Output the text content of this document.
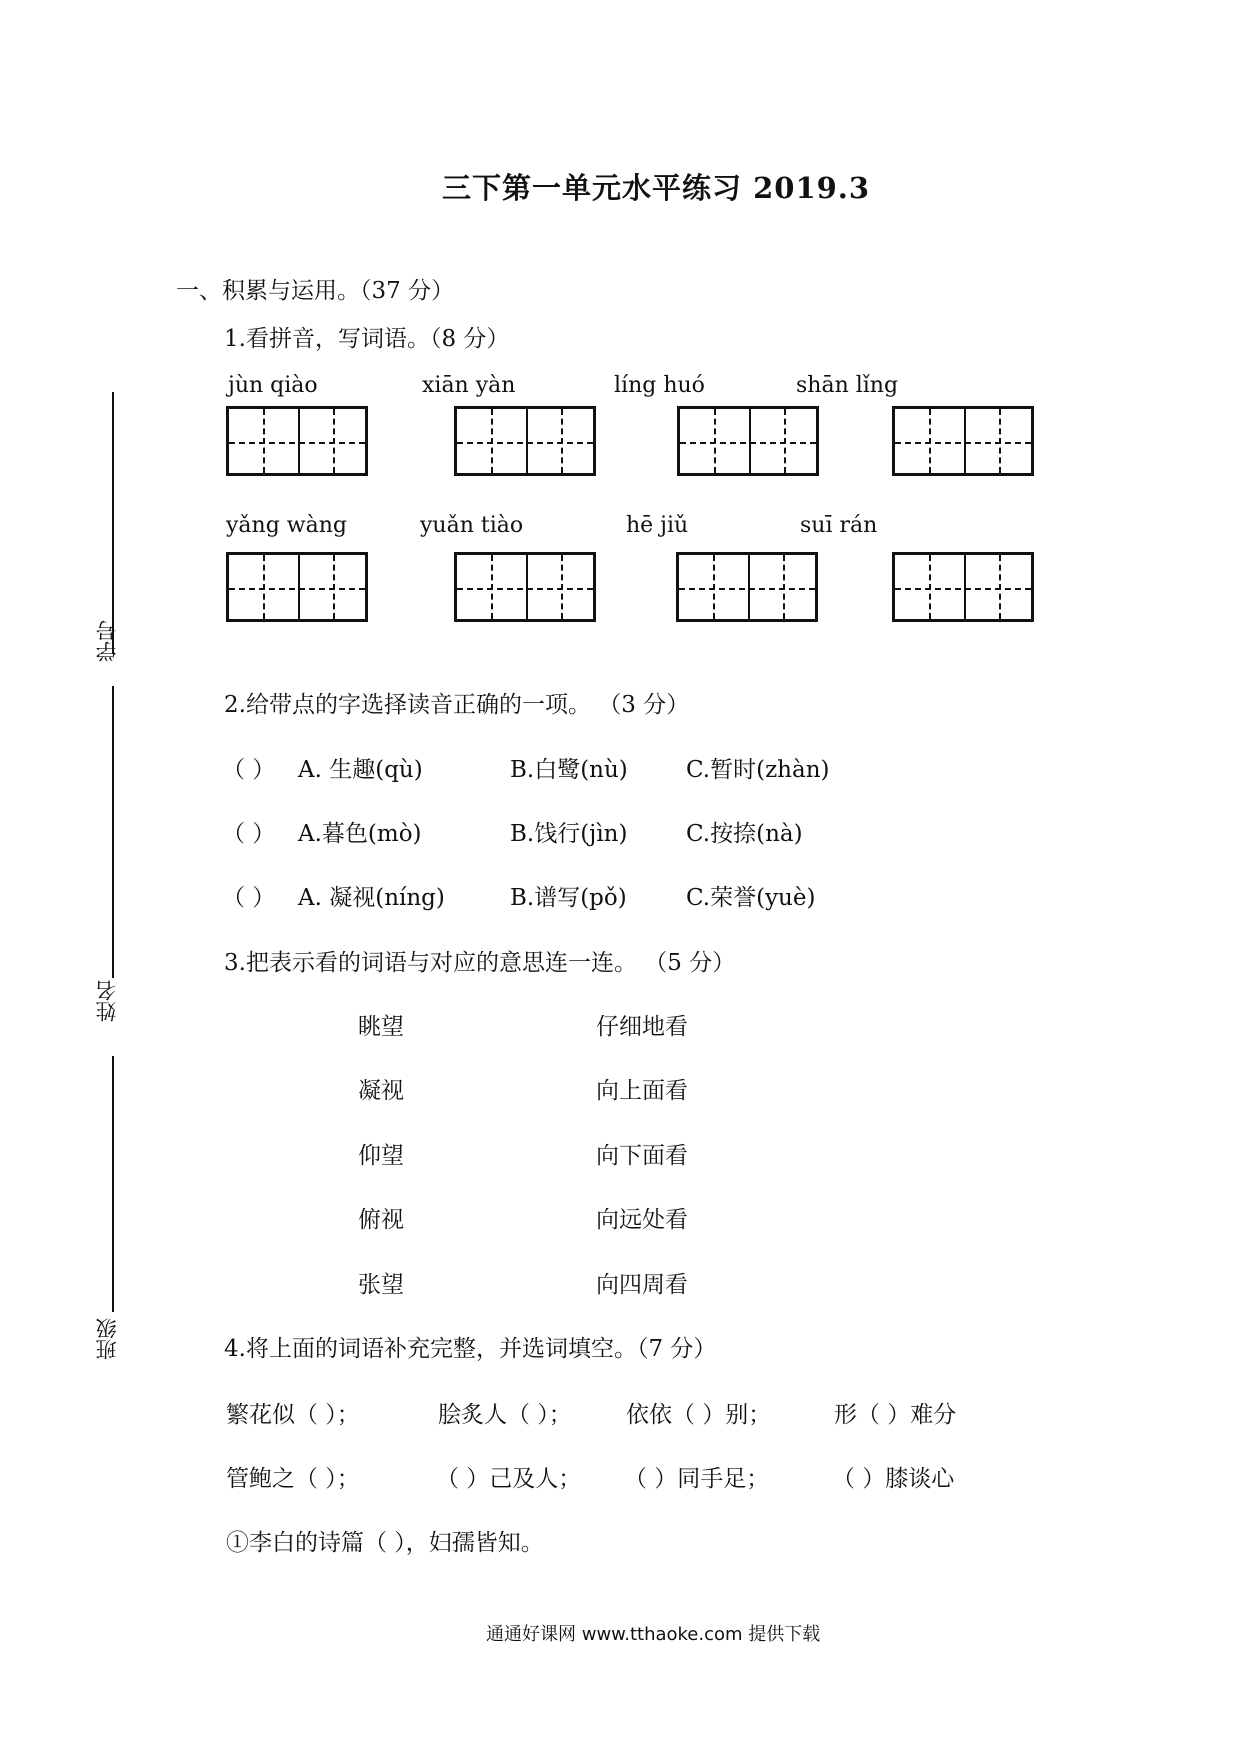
三下第一单元水平练习 2019.3
学号
姓名
班级
一、积累与运用。（37 分）
1.看拼音，写词语。（8 分）
jùn qiào	xiān yàn	líng huó	shān lǐng
yǎng wàng	yuǎn tiào	hē jiǔ	suī rán
2.给带点的字选择读音正确的一项。 （3 分）
（ ） A. 生趣(qù)	B.白鹭(nù)	C.暂时(zhàn)
（ ） A.暮色(mò)	B.饯行(jìn)	C.按捺(nà)
（ ） A. 凝视(níng)	B.谱写(pǒ)	C.荣誉(yuè)
3.把表示看的词语与对应的意思连一连。 （5 分）
眺望	仔细地看
凝视	向上面看
仰望	向下面看
俯视	向远处看
张望	向四周看
4.将上面的词语补充完整，并选词填空。（7 分）
繁花似（ ）；	脍炙人（ ）； 依依（ ）别；	形（ ）难分
管鲍之（ ）；	（ ）己及人； （ ）同手足；	（ ）膝谈心
①李白的诗篇（ ），妇孺皆知。
通通好课网 www.tthaoke.com 提供下载
